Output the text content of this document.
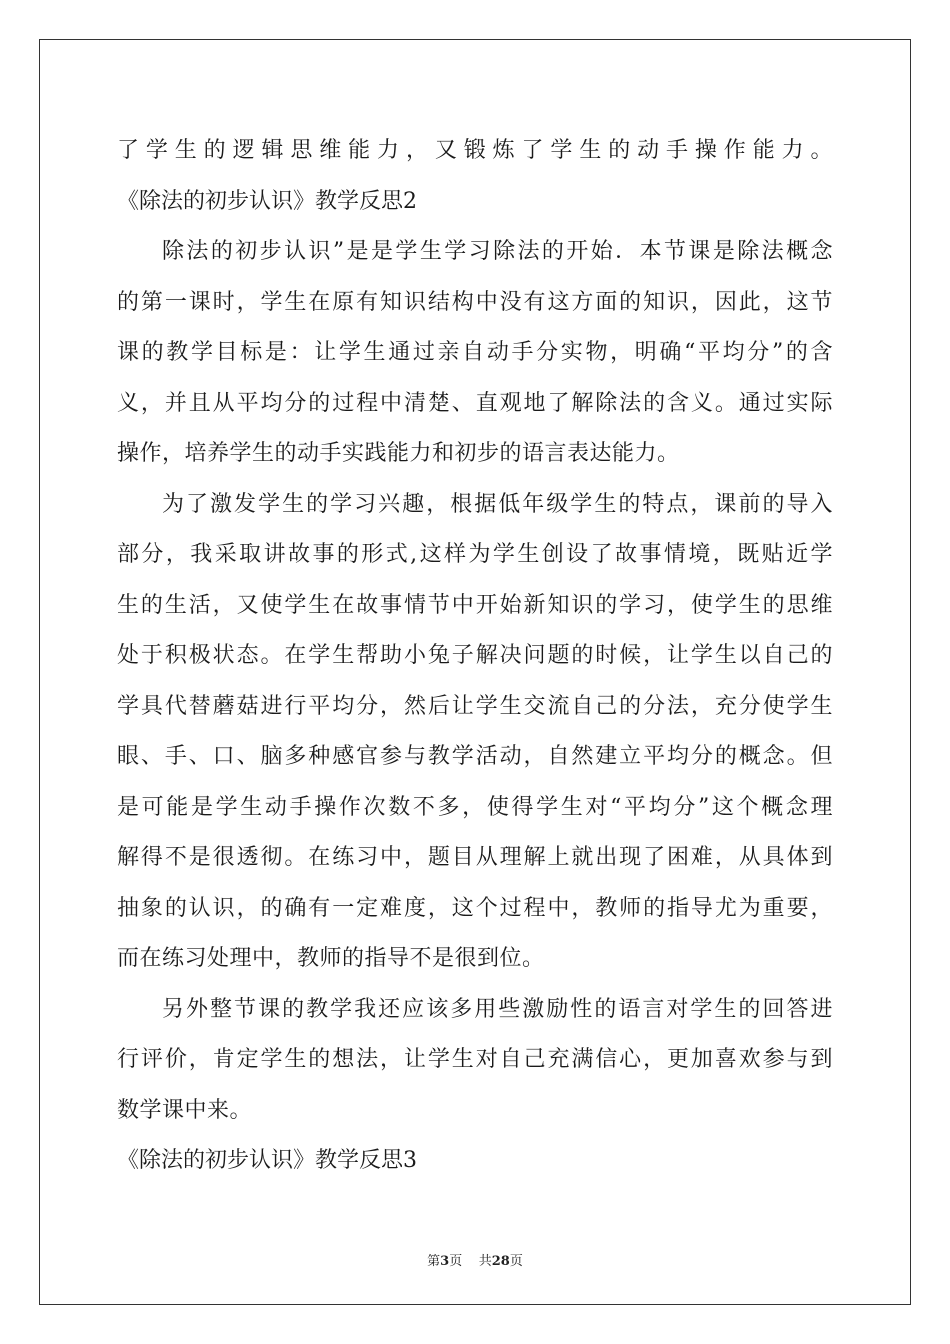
了学生的逻辑思维能力，又锻炼了学生的动手操作能力。
《除法的初步认识》教学反思2
除法的初步认识”是是学生学习除法的开始．本节课是除法概念
的第一课时，学生在原有知识结构中没有这方面的知识，因此，这节
课的教学目标是：让学生通过亲自动手分实物，明确“平均分”的含
义，并且从平均分的过程中清楚、直观地了解除法的含义。通过实际
操作，培养学生的动手实践能力和初步的语言表达能力。
为了激发学生的学习兴趣，根据低年级学生的特点，课前的导入
部分，我采取讲故事的形式,这样为学生创设了故事情境，既贴近学
生的生活，又使学生在故事情节中开始新知识的学习，使学生的思维
处于积极状态。在学生帮助小兔子解决问题的时候，让学生以自己的
学具代替蘑菇进行平均分，然后让学生交流自己的分法，充分使学生
眼、手、口、脑多种感官参与教学活动，自然建立平均分的概念。但
是可能是学生动手操作次数不多，使得学生对“平均分”这个概念理
解得不是很透彻。在练习中，题目从理解上就出现了困难，从具体到
抽象的认识，的确有一定难度，这个过程中，教师的指导尤为重要，
而在练习处理中，教师的指导不是很到位。
另外整节课的教学我还应该多用些激励性的语言对学生的回答进
行评价，肯定学生的想法，让学生对自己充满信心，更加喜欢参与到
数学课中来。
《除法的初步认识》教学反思3
第3页 共28页
